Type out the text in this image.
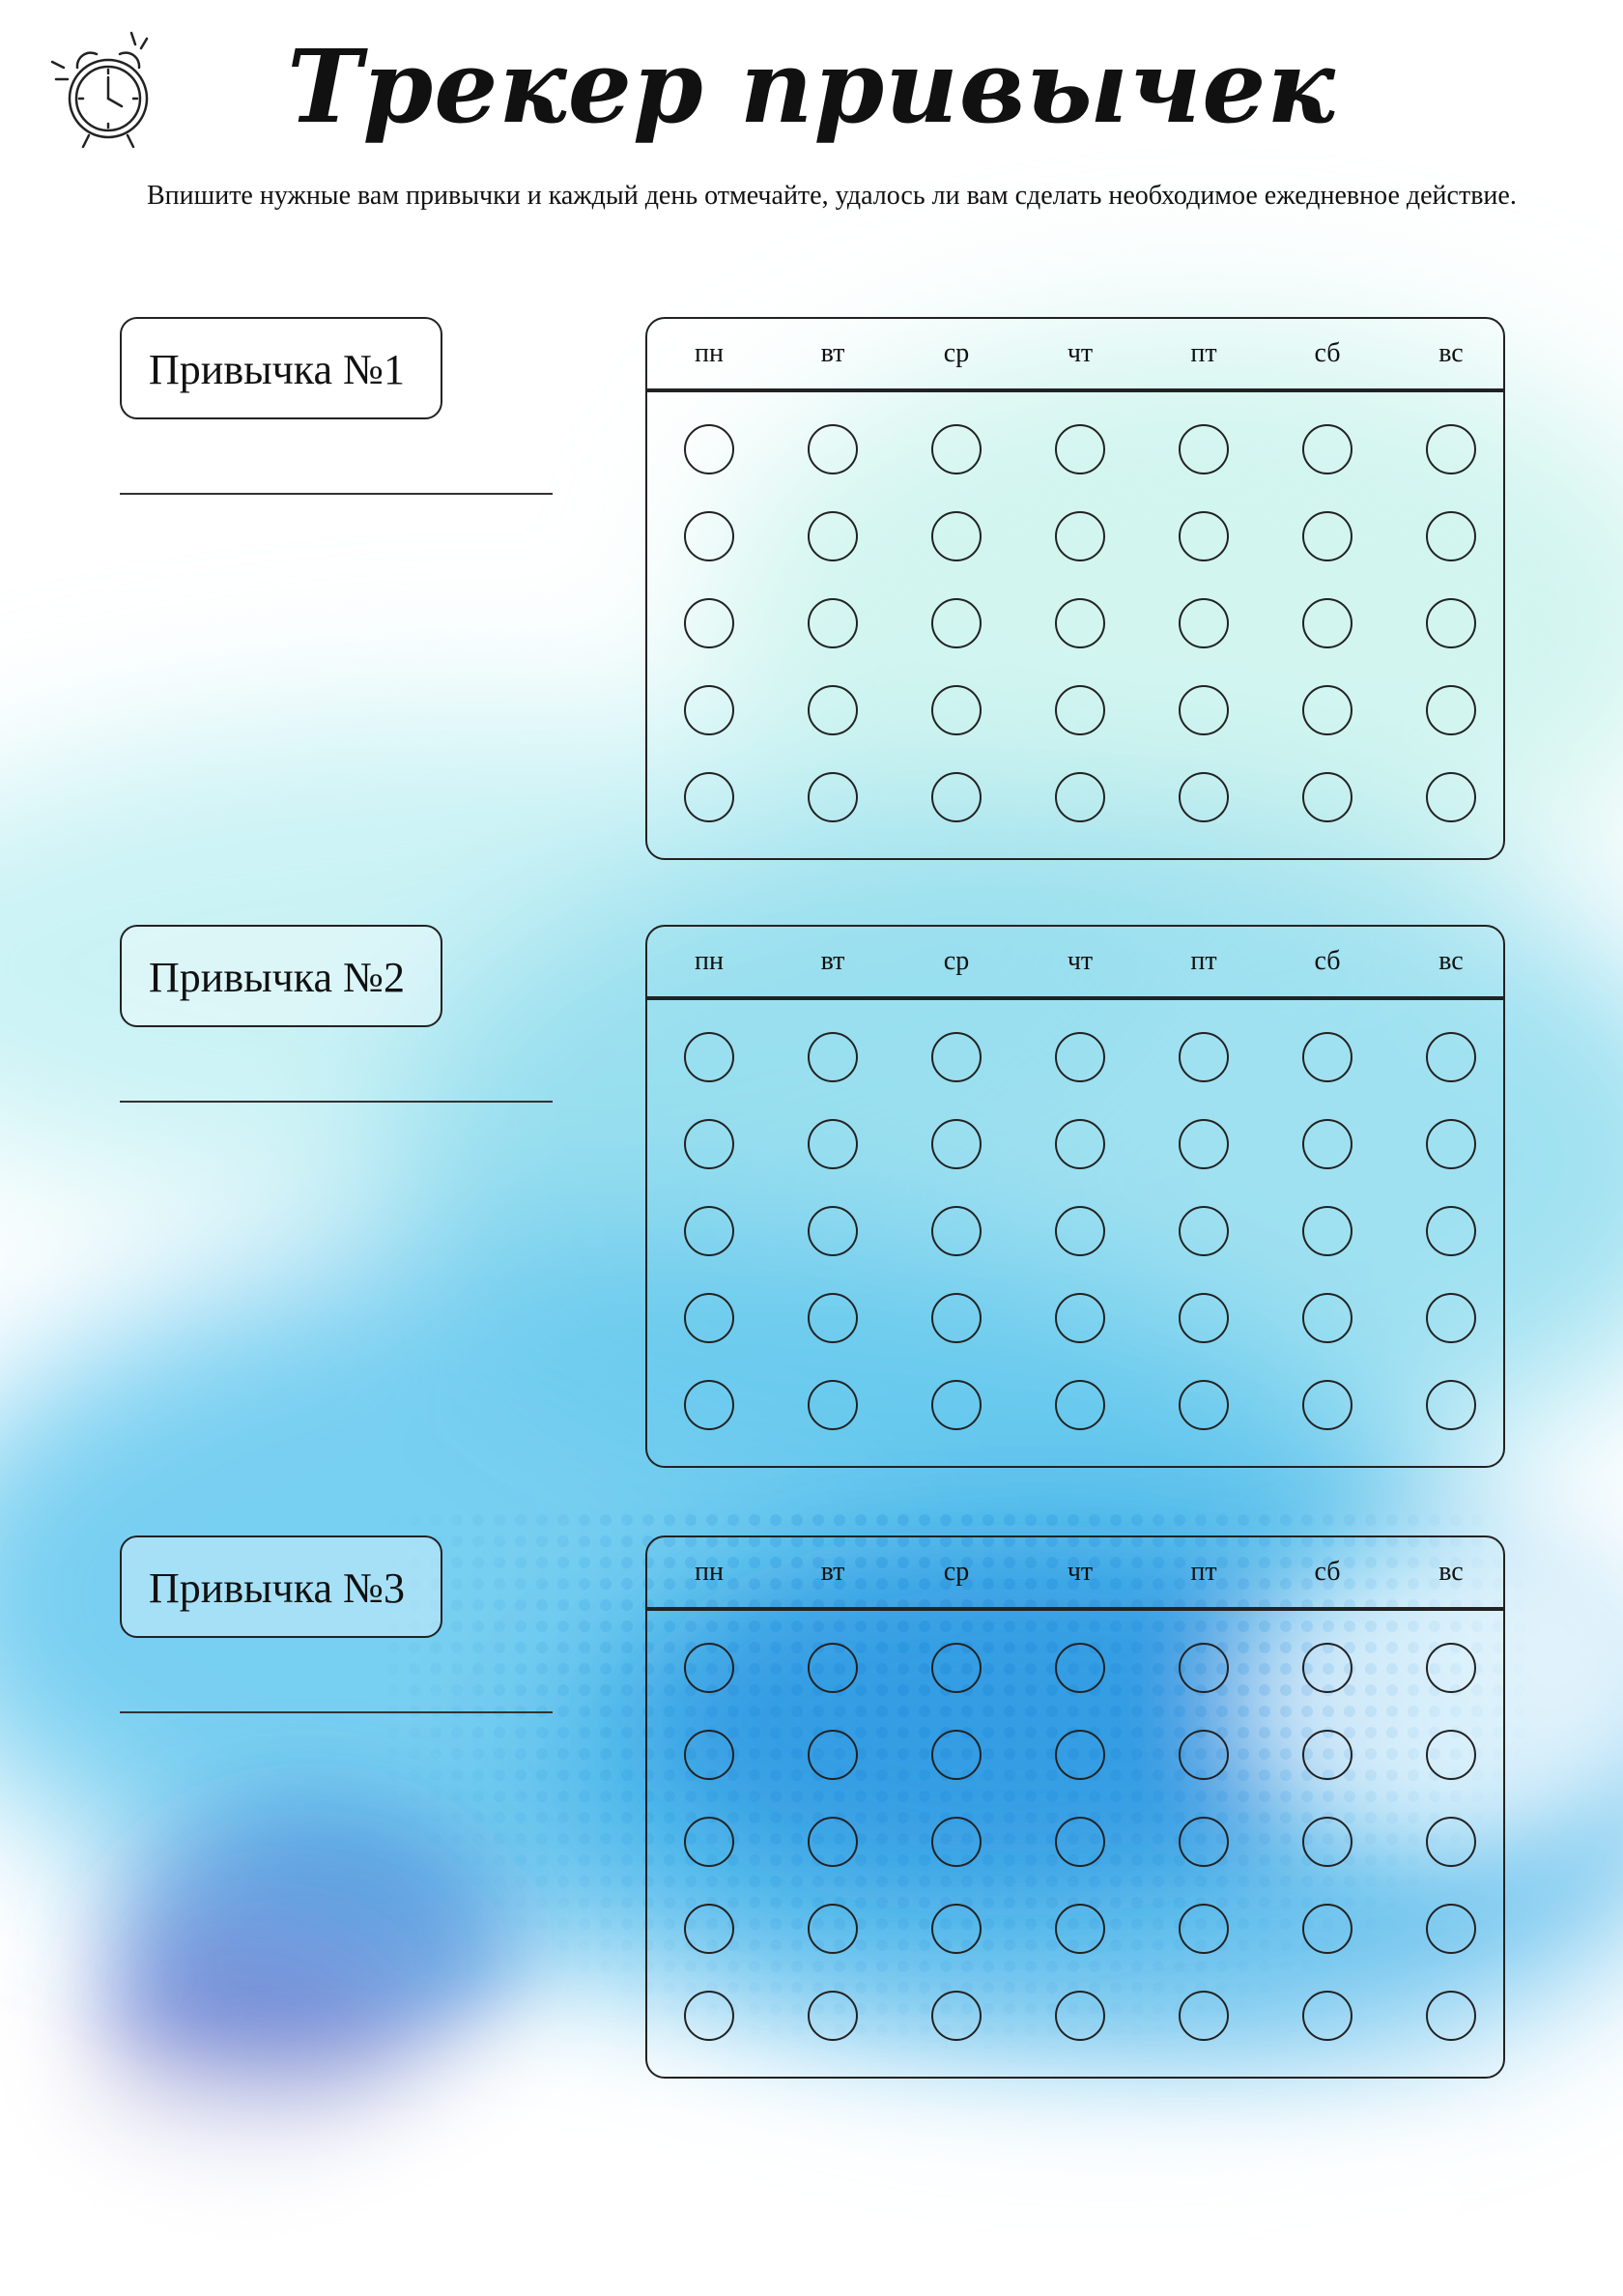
Трекер привычек
Впишите нужные вам привычки и каждый день отмечайте, удалось ли вам сделать необходимое ежедневное действие.
Привычка №1	пн	вт	ср	чт	пт	сб	вс
Привычка №2	пн	вт	ср	чт	пт	сб	вс
Привычка №3	пн	вт	ср	чт	пт	сб	вс
